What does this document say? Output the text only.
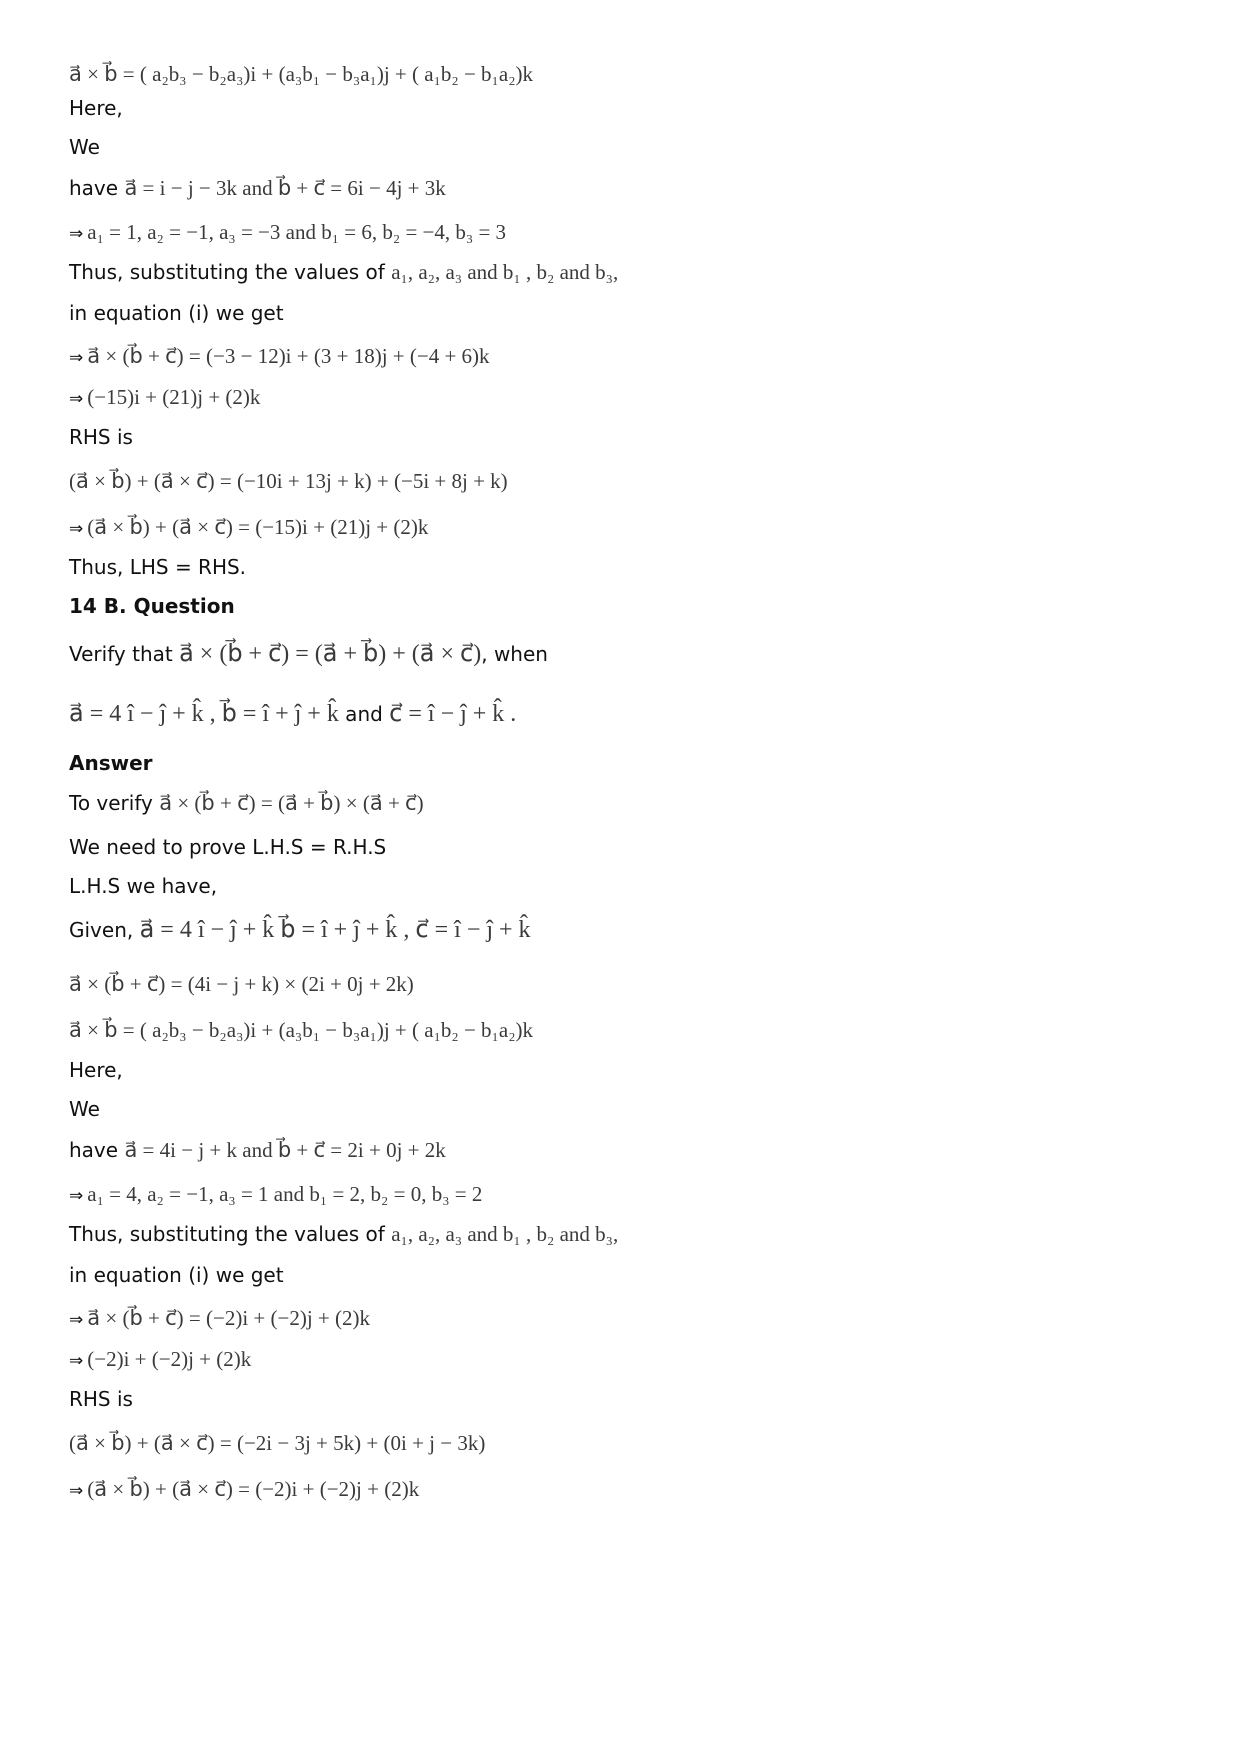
a⃗ × b⃗ = ( a₂b₃ − b₂a₃)i + (a₃b₁ − b₃a₁)j + ( a₁b₂ − b₁a₂)k
Here,
We
have a⃗ = i − j − 3k and b⃗ + c⃗ = 6i − 4j + 3k
⇒ a₁ = 1, a₂ = −1, a₃ = −3 and b₁ = 6, b₂ = −4, b₃ = 3
Thus, substituting the values of a₁, a₂, a₃ and b₁ , b₂ and b₃,
in equation (i) we get
⇒ a⃗ × (b⃗ + c⃗) = (−3 − 12)i + (3 + 18)j + (−4 + 6)k
⇒ (−15)i + (21)j + (2)k
RHS is
(a⃗ × b⃗) + (a⃗ × c⃗) = (−10i + 13j + k) + (−5i + 8j + k)
⇒ (a⃗ × b⃗) + (a⃗ × c⃗) = (−15)i + (21)j + (2)k
Thus, LHS = RHS.
14 B. Question
Verify that a⃗ × (b⃗ + c⃗) = (a⃗ + b⃗) + (a⃗ × c⃗), when
a⃗ = 4 î − ĵ + k̂ , b⃗ = î + ĵ + k̂ and c⃗ = î − ĵ + k̂ .
Answer
To verify a⃗ × (b⃗ + c⃗) = (a⃗ + b⃗) × (a⃗ + c⃗)
We need to prove L.H.S = R.H.S
L.H.S we have,
Given, a⃗ = 4 î − ĵ + k̂ b⃗ = î + ĵ + k̂ , c⃗ = î − ĵ + k̂
a⃗ × (b⃗ + c⃗) = (4i − j + k) × (2i + 0j + 2k)
a⃗ × b⃗ = ( a₂b₃ − b₂a₃)i + (a₃b₁ − b₃a₁)j + ( a₁b₂ − b₁a₂)k
Here,
We
have a⃗ = 4i − j + k and b⃗ + c⃗ = 2i + 0j + 2k
⇒ a₁ = 4, a₂ = −1, a₃ = 1 and b₁ = 2, b₂ = 0, b₃ = 2
Thus, substituting the values of a₁, a₂, a₃ and b₁ , b₂ and b₃,
in equation (i) we get
⇒ a⃗ × (b⃗ + c⃗) = (−2)i + (−2)j + (2)k
⇒ (−2)i + (−2)j + (2)k
RHS is
(a⃗ × b⃗) + (a⃗ × c⃗) = (−2i − 3j + 5k) + (0i + j − 3k)
⇒ (a⃗ × b⃗) + (a⃗ × c⃗) = (−2)i + (−2)j + (2)k
